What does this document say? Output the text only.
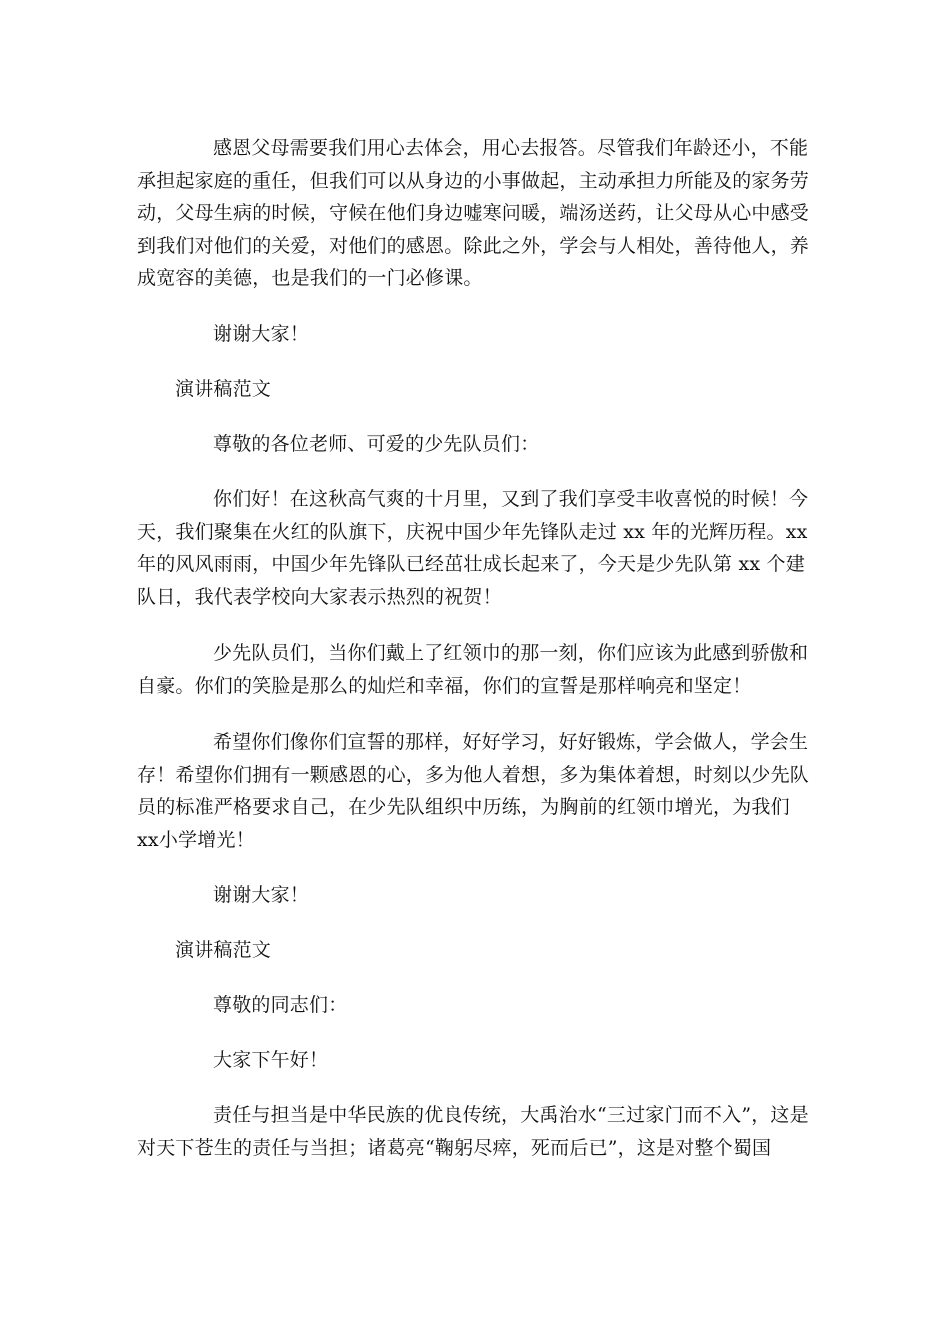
感恩父母需要我们用心去体会，用心去报答。尽管我们年龄还小，不能承担起家庭的重任，但我们可以从身边的小事做起，主动承担力所能及的家务劳动，父母生病的时候，守候在他们身边嘘寒问暖，端汤送药，让父母从心中感受到我们对他们的关爱，对他们的感恩。除此之外，学会与人相处，善待他人，养成宽容的美德，也是我们的一门必修课。

谢谢大家！

演讲稿范文

尊敬的各位老师、可爱的少先队员们：

你们好！在这秋高气爽的十月里，又到了我们享受丰收喜悦的时候！今天，我们聚集在火红的队旗下，庆祝中国少年先锋队走过 xx 年的光辉历程。xx年的风风雨雨，中国少年先锋队已经茁壮成长起来了，今天是少先队第 xx 个建队日，我代表学校向大家表示热烈的祝贺！

少先队员们，当你们戴上了红领巾的那一刻，你们应该为此感到骄傲和自豪。你们的笑脸是那么的灿烂和幸福，你们的宣誓是那样响亮和坚定！

希望你们像你们宣誓的那样，好好学习，好好锻炼，学会做人，学会生存！希望你们拥有一颗感恩的心，多为他人着想，多为集体着想，时刻以少先队员的标准严格要求自己，在少先队组织中历练，为胸前的红领巾增光，为我们 xx小学增光！

谢谢大家！

演讲稿范文

尊敬的同志们：

大家下午好！

责任与担当是中华民族的优良传统，大禹治水“三过家门而不入”，这是对天下苍生的责任与当担；诸葛亮“鞠躬尽瘁，死而后已”，这是对整个蜀国
